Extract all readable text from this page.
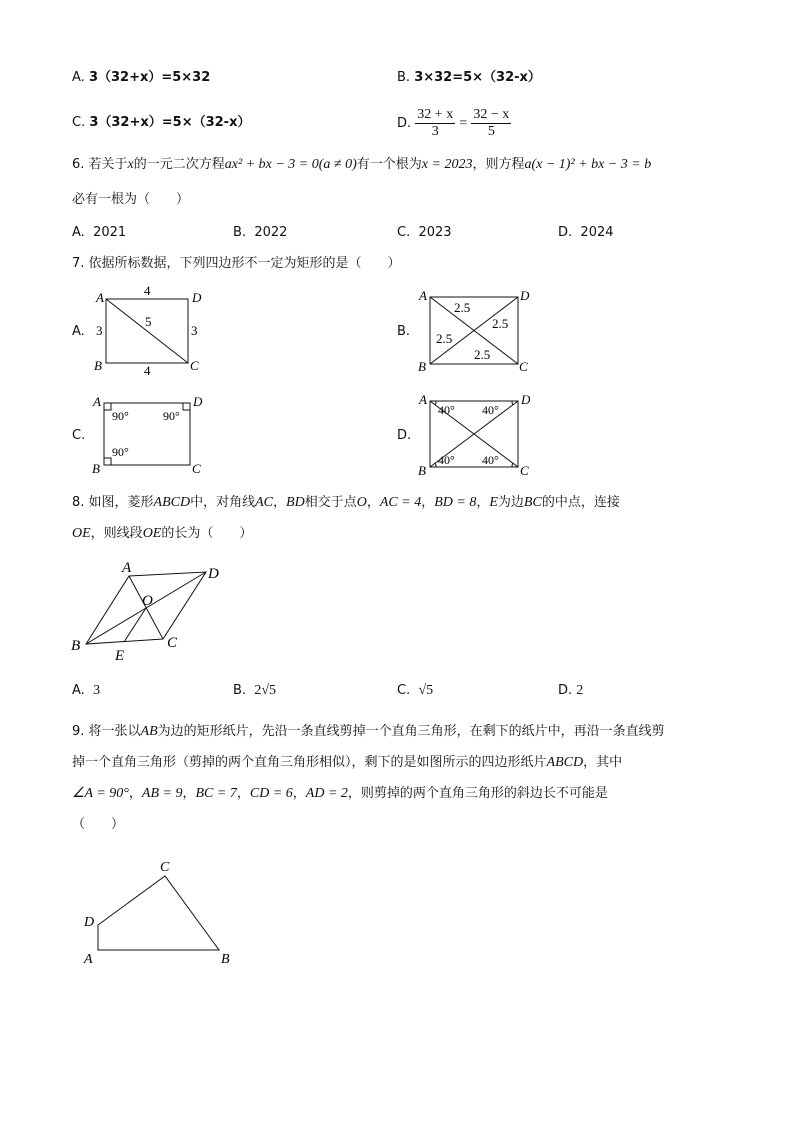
A. 3（32+x）=5×32	B. 3×32=5×（32-x）
C. 3（32+x）=5×（32-x）	D. $\frac{32 + x}{3} = \frac{32 - x}{5}$
6. 若关于x的一元二次方程ax² + bx − 3 = 0(a ≠ 0)有一个根为x = 2023，则方程a(x − 1)² + bx − 3 = b
必有一根为（　　）
A. 2021	B. 2022	C. 2023	D. 2024
7. 依据所标数据，下列四边形不一定为矩形的是（　　）
A.
A	D
B	C
4
4
3	3
5
B.
A	D
B	C
2.5
2.5
2.5
2.5
C.
A	D
B	C
90°	90°
90°
D.
A	D
B	C
40° 40°
40° 40°
8. 如图，菱形ABCD中，对角线AC，BD相交于点O，AC = 4，BD = 8，E为边BC的中点，连接
OE，则线段OE的长为（　　）
A	D
B	C
O
E
A. 3	B. 2√5	C. √5	D. 2
9. 将一张以AB为边的矩形纸片，先沿一条直线剪掉一个直角三角形，在剩下的纸片中，再沿一条直线剪
掉一个直角三角形（剪掉的两个直角三角形相似），剩下的是如图所示的四边形纸片ABCD，其中
∠A = 90°，AB = 9，BC = 7，CD = 6，AD = 2，则剪掉的两个直角三角形的斜边长不可能是
（　　）
A	B
C
D
